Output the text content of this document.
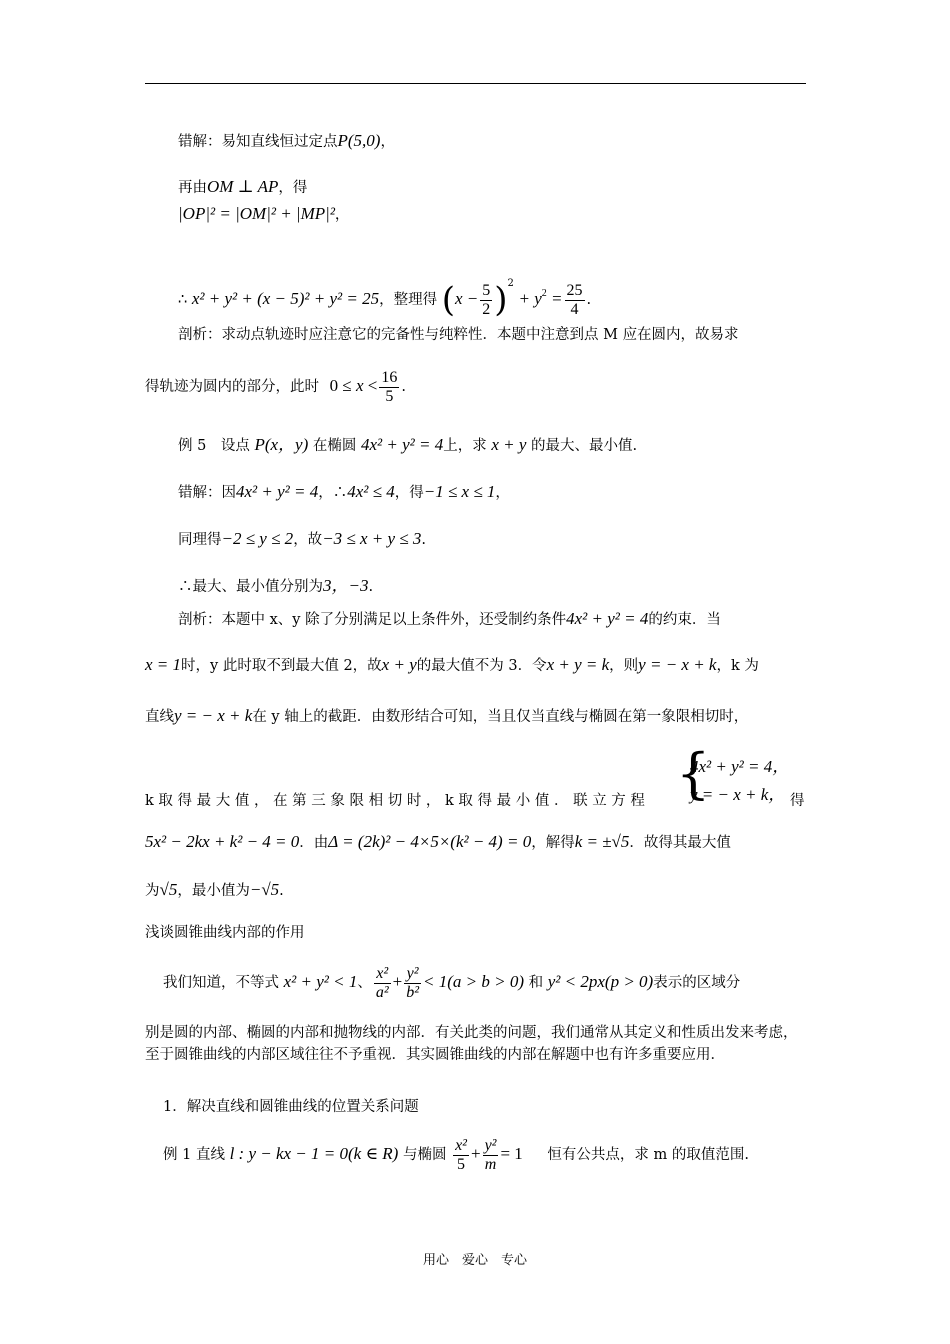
错解：易知直线恒过定点P(5,0)，
再由OM ⊥ AP，得
|OP|² = |OM|² + |MP|²，
∴ x² + y² + (x − 5)² + y² = 25，整理得 $(x - \frac{5}{2} )^2 + y^2 = \frac{25}{4}$ .
剖析：求动点轨迹时应注意它的完备性与纯粹性．本题中注意到点 M 应在圆内，故易求
得轨迹为圆内的部分，此时 $0 \le x < \frac{16}{5}$ .
例 5　设点 P(x，y) 在椭圆 4x² + y² = 4上，求 x + y 的最大、最小值.
错解：因4x² + y² = 4，∴4x² ≤ 4，得−1 ≤ x ≤ 1，
同理得−2 ≤ y ≤ 2，故−3 ≤ x + y ≤ 3.
∴最大、最小值分别为3，−3.
剖析：本题中 x、y 除了分别满足以上条件外，还受制约条件4x² + y² = 4的约束．当
x = 1时，y 此时取不到最大值 2，故x + y的最大值不为 3．令x + y = k，则y = − x + k，k 为
直线y = − x + k在 y 轴上的截距．由数形结合可知，当且仅当直线与椭圆在第一象限相切时，
{
4x² + y² = 4，
y = − x + k，
k 取 得 最 大 值 ， 在 第 三 象 限 相 切 时 ， k 取 得 最 小 值 ． 联 立 方 程	得
5x² − 2kx + k² − 4 = 0．由Δ = (2k)² − 4×5×(k² − 4) = 0，解得k = ±√5．故得其最大值
为√5，最小值为−√5.
浅谈圆锥曲线内部的作用
我们知道，不等式 x² + y² < 1、 $\frac{\text{x²}}{\text{a²}} + \frac{\text{y²}}{\text{b²}} < 1(a > b > 0)$ 和 y² < 2px(p > 0)表示的区域分
别是圆的内部、椭圆的内部和抛物线的内部．有关此类的问题，我们通常从其定义和性质出发来考虑，至于圆锥曲线的内部区域往往不予重视．其实圆锥曲线的内部在解题中也有许多重要应用．
1．解决直线和圆锥曲线的位置关系问题
例 1 直线 l : y − kx − 1 = 0(k ∈ R) 与椭圆 $\frac{\text{x²}}{5} + \frac{\text{y²}}{m} = 1$ 恒有公共点，求 m 的取值范围.
用心　爱心　专心
